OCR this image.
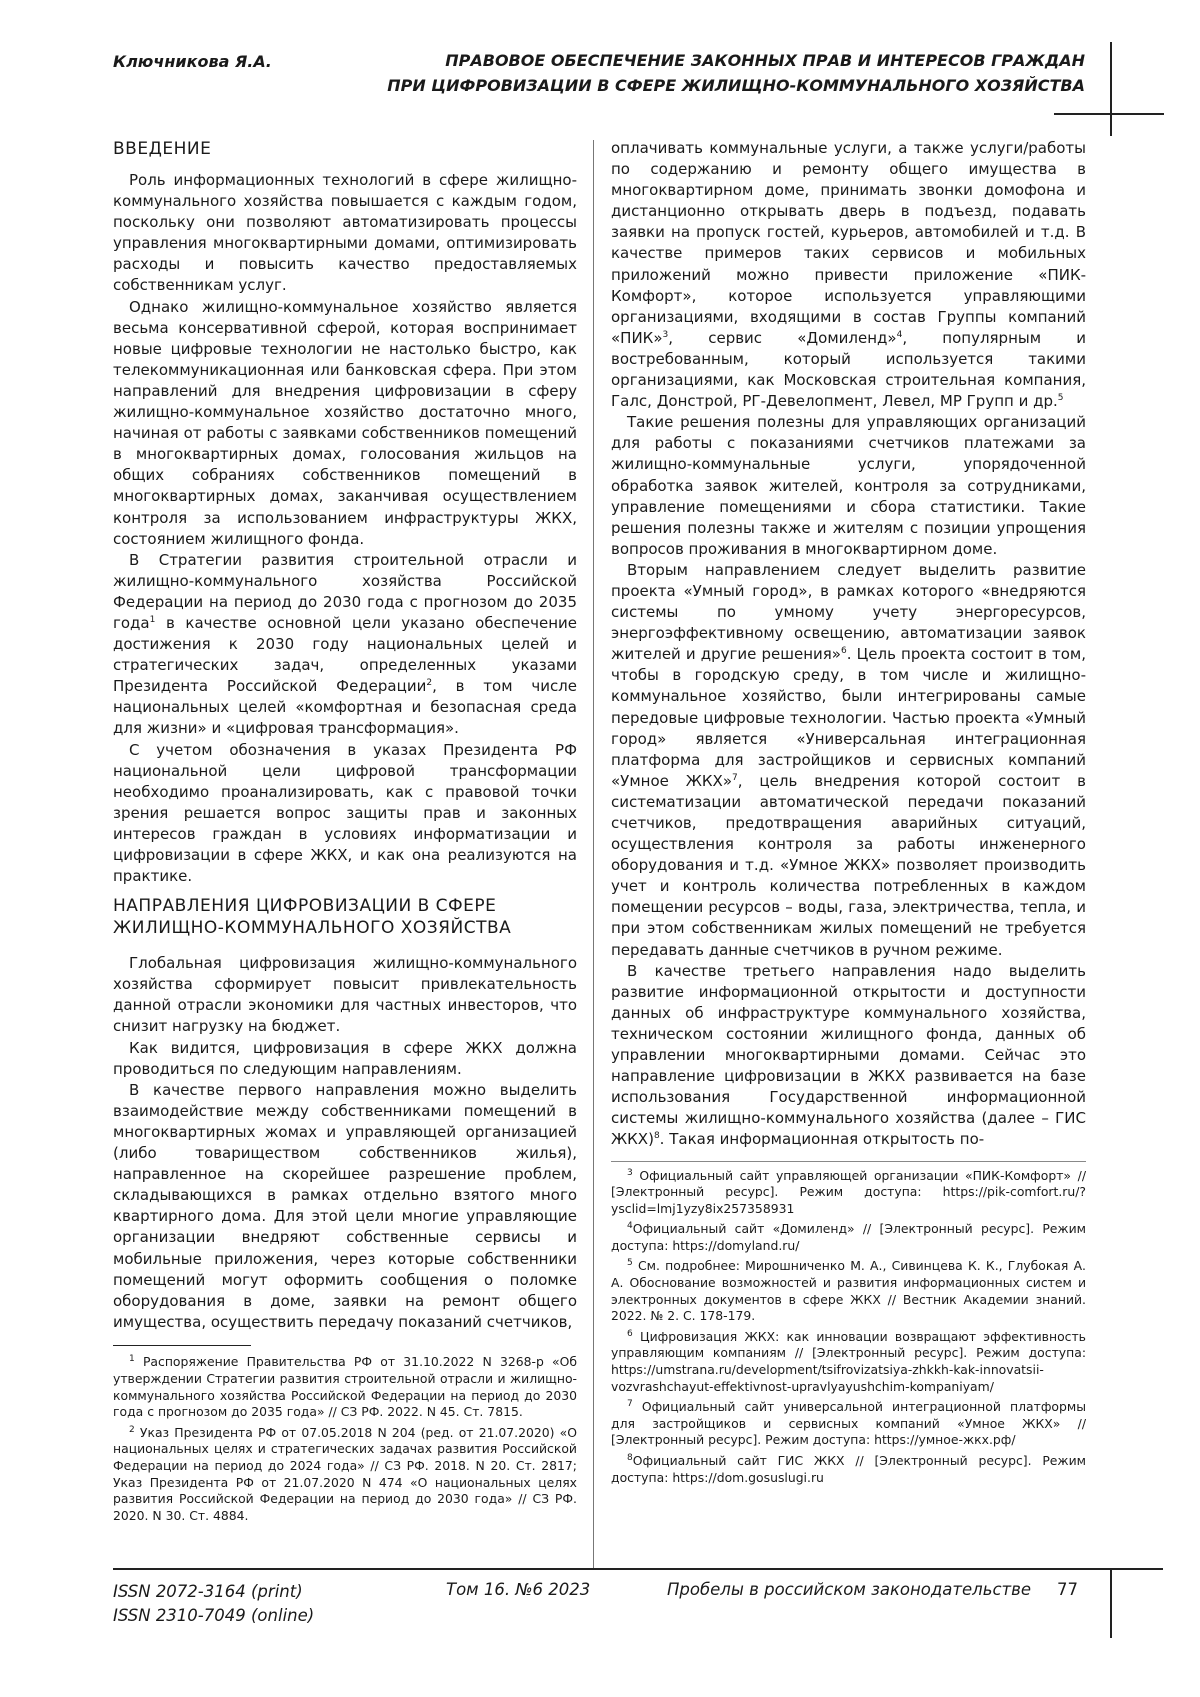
Ключникова Я.А.	ПРАВОВОЕ ОБЕСПЕЧЕНИЕ ЗАКОННЫХ ПРАВ И ИНТЕРЕСОВ ГРАЖДАН
ПРИ ЦИФРОВИЗАЦИИ В СФЕРЕ ЖИЛИЩНО-КОММУНАЛЬНОГО ХОЗЯЙСТВА
ВВЕДЕНИЕ

Роль информационных технологий в сфере жилищно-коммунального хозяйства повышается с каждым годом, поскольку они позволяют автоматизировать процессы управления многоквартирными домами, оптимизировать расходы и повысить качество предоставляемых собственникам услуг.

Однако жилищно-коммунальное хозяйство является весьма консервативной сферой, которая воспринимает новые цифровые технологии не настолько быстро, как телекоммуникационная или банковская сфера. При этом направлений для внедрения цифровизации в сферу жилищно-коммунальное хозяйство достаточно много, начиная от работы с заявками собственников помещений в многоквартирных домах, голосования жильцов на общих собраниях собственников помещений в многоквартирных домах, заканчивая осуществлением контроля за использованием инфраструктуры ЖКХ, состоянием жилищного фонда.

В Стратегии развития строительной отрасли и жилищно-коммунального хозяйства Российской Федерации на период до 2030 года с прогнозом до 2035 года1 в качестве основной цели указано обеспечение достижения к 2030 году национальных целей и стратегических задач, определенных указами Президента Российской Федерации2, в том числе национальных целей «комфортная и безопасная среда для жизни» и «цифровая трансформация».

С учетом обозначения в указах Президента РФ национальной цели цифровой трансформации необходимо проанализировать, как с правовой точки зрения решается вопрос защиты прав и законных интересов граждан в условиях информатизации и цифровизации в сфере ЖКХ, и как она реализуются на практике.

НАПРАВЛЕНИЯ ЦИФРОВИЗАЦИИ В СФЕРЕ ЖИЛИЩНО-КОММУНАЛЬНОГО ХОЗЯЙСТВА

Глобальная цифровизация жилищно-коммунального хозяйства сформирует повысит привлекательность данной отрасли экономики для частных инвесторов, что снизит нагрузку на бюджет.

Как видится, цифровизация в сфере ЖКХ должна проводиться по следующим направлениям.

В качестве первого направления можно выделить взаимодействие между собственниками помещений в многоквартирных жомах и управляющей организацией (либо товариществом собственников жилья), направленное на скорейшее разрешение проблем, складывающихся в рамках отдельно взятого много квартирного дома. Для этой цели многие управляющие организации внедряют собственные сервисы и мобильные приложения, через которые собственники помещений могут оформить сообщения о поломке оборудования в доме, заявки на ремонт общего имущества, осуществить передачу показаний счетчиков,

1 Распоряжение Правительства РФ от 31.10.2022 N 3268-р «Об утверждении Стратегии развития строительной отрасли и жилищно-коммунального хозяйства Российской Федерации на период до 2030 года с прогнозом до 2035 года» // СЗ РФ. 2022. N 45. Ст. 7815.

2 Указ Президента РФ от 07.05.2018 N 204 (ред. от 21.07.2020) «О национальных целях и стратегических задачах развития Российской Федерации на период до 2024 года» // СЗ РФ. 2018. N 20. Ст. 2817; Указ Президента РФ от 21.07.2020 N 474 «О национальных целях развития Российской Федерации на период до 2030 года» // СЗ РФ. 2020. N 30. Ст. 4884.

оплачивать коммунальные услуги, а также услуги/работы по содержанию и ремонту общего имущества в многоквартирном доме, принимать звонки домофона и дистанционно открывать дверь в подъезд, подавать заявки на пропуск гостей, курьеров, автомобилей и т.д. В качестве примеров таких сервисов и мобильных приложений можно привести приложение «ПИК-Комфорт», которое используется управляющими организациями, входящими в состав Группы компаний «ПИК»3, сервис «Домиленд»4, популярным и востребованным, который используется такими организациями, как Московская строительная компания, Галс, Донстрой, РГ-Девелопмент, Левел, МР Групп и др.5

Такие решения полезны для управляющих организаций для работы с показаниями счетчиков платежами за жилищно-коммунальные услуги, упорядоченной обработка заявок жителей, контроля за сотрудниками, управление помещениями и сбора статистики. Такие решения полезны также и жителям с позиции упрощения вопросов проживания в многоквартирном доме.

Вторым направлением следует выделить развитие проекта «Умный город», в рамках которого «внедряются системы по умному учету энергоресурсов, энергоэффективному освещению, автоматизации заявок жителей и другие решения»6. Цель проекта состоит в том, чтобы в городскую среду, в том числе и жилищно-коммунальное хозяйство, были интегрированы самые передовые цифровые технологии. Частью проекта «Умный город» является «Универсальная интеграционная платформа для застройщиков и сервисных компаний «Умное ЖКХ»7, цель внедрения которой состоит в систематизации автоматической передачи показаний счетчиков, предотвращения аварийных ситуаций, осуществления контроля за работы инженерного оборудования и т.д. «Умное ЖКХ» позволяет производить учет и контроль количества потребленных в каждом помещении ресурсов – воды, газа, электричества, тепла, и при этом собственникам жилых помещений не требуется передавать данные счетчиков в ручном режиме.

В качестве третьего направления надо выделить развитие информационной открытости и доступности данных об инфраструктуре коммунального хозяйства, техническом состоянии жилищного фонда, данных об управлении многоквартирными домами. Сейчас это направление цифровизации в ЖКХ развивается на базе использования Государственной информационной системы жилищно-коммунального хозяйства (далее – ГИС ЖКХ)8. Такая информационная открытость по-

3 Официальный сайт управляющей организации «ПИК-Комфорт» // [Электронный ресурс]. Режим доступа: https://pik-comfort.ru/?ysclid=lmj1yzy8ix257358931

4Официальный сайт «Домиленд» // [Электронный ресурс]. Режим доступа: https://domyland.ru/

5 См. подробнее: Мирошниченко М. А., Сивинцева К. К., Глубокая А. А. Обоснование возможностей и развития информационных систем и электронных документов в сфере ЖКХ // Вестник Академии знаний. 2022. № 2. С. 178-179.

6 Цифровизация ЖКХ: как инновации возвращают эффективность управляющим компаниям // [Электронный ресурс]. Режим доступа: https://umstrana.ru/development/tsifrovizatsiya-zhkkh-kak-innovatsii-vozvrashchayut-effektivnost-upravlyayushchim-kompaniyam/

7 Официальный сайт универсальной интеграционной платформы для застройщиков и сервисных компаний «Умное ЖКХ» // [Электронный ресурс]. Режим доступа: https://умное-жкх.рф/

8Официальный сайт ГИС ЖКХ // [Электронный ресурс]. Режим доступа: https://dom.gosuslugi.ru

ISSN 2072-3164 (print)
ISSN 2310-7049 (online)
Том 16. №6 2023	Пробелы в российском законодательстве 77
